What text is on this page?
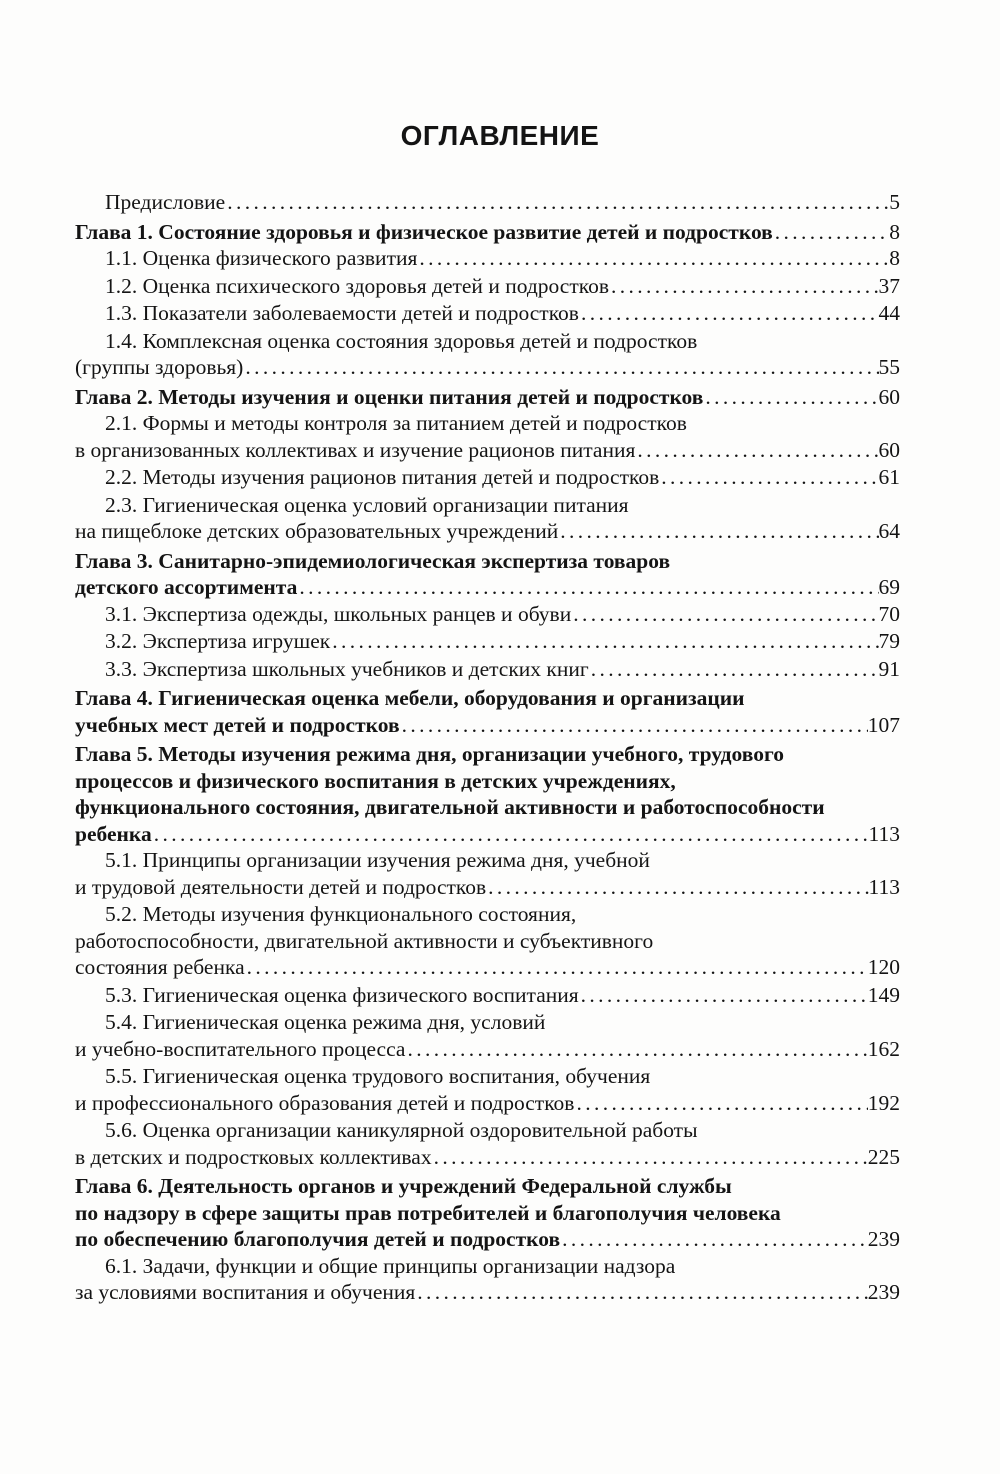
ОГЛАВЛЕНИЕ
Предисловие . . .	5
Глава 1. Состояние здоровья и физическое развитие детей и подростков . . .	8
1.1. Оценка физического развития . . .	8
1.2. Оценка психического здоровья детей и подростков . . .	37
1.3. Показатели заболеваемости детей и подростков . . .	44
1.4. Комплексная оценка состояния здоровья детей и подростков
(группы здоровья) . . .	55
Глава 2. Методы изучения и оценки питания детей и подростков . . .	60
2.1. Формы и методы контроля за питанием детей и подростков
в организованных коллективах и изучение рационов питания . . .	60
2.2. Методы изучения рационов питания детей и подростков . . .	61
2.3. Гигиеническая оценка условий организации питания
на пищеблоке детских образовательных учреждений . . .	64
Глава 3. Санитарно-эпидемиологическая экспертиза товаров
детского ассортимента . . .	69
3.1. Экспертиза одежды, школьных ранцев и обуви . . .	70
3.2. Экспертиза игрушек . . .	79
3.3. Экспертиза школьных учебников и детских книг . . .	91
Глава 4. Гигиеническая оценка мебели, оборудования и организации
учебных мест детей и подростков . . .	107
Глава 5. Методы изучения режима дня, организации учебного, трудового
процессов и физического воспитания в детских учреждениях,
функционального состояния, двигательной активности и работоспособности
ребенка . . .	113
5.1. Принципы организации изучения режима дня, учебной
и трудовой деятельности детей и подростков . . .	113
5.2. Методы изучения функционального состояния,
работоспособности, двигательной активности и субъективного
состояния ребенка . . .	120
5.3. Гигиеническая оценка физического воспитания . . .	149
5.4. Гигиеническая оценка режима дня, условий
и учебно-воспитательного процесса . . .	162
5.5. Гигиеническая оценка трудового воспитания, обучения
и профессионального образования детей и подростков . . .	192
5.6. Оценка организации каникулярной оздоровительной работы
в детских и подростковых коллективах . . .	225
Глава 6. Деятельность органов и учреждений Федеральной службы
по надзору в сфере защиты прав потребителей и благополучия человека
по обеспечению благополучия детей и подростков . . .	239
6.1. Задачи, функции и общие принципы организации надзора
за условиями воспитания и обучения . . .	239
